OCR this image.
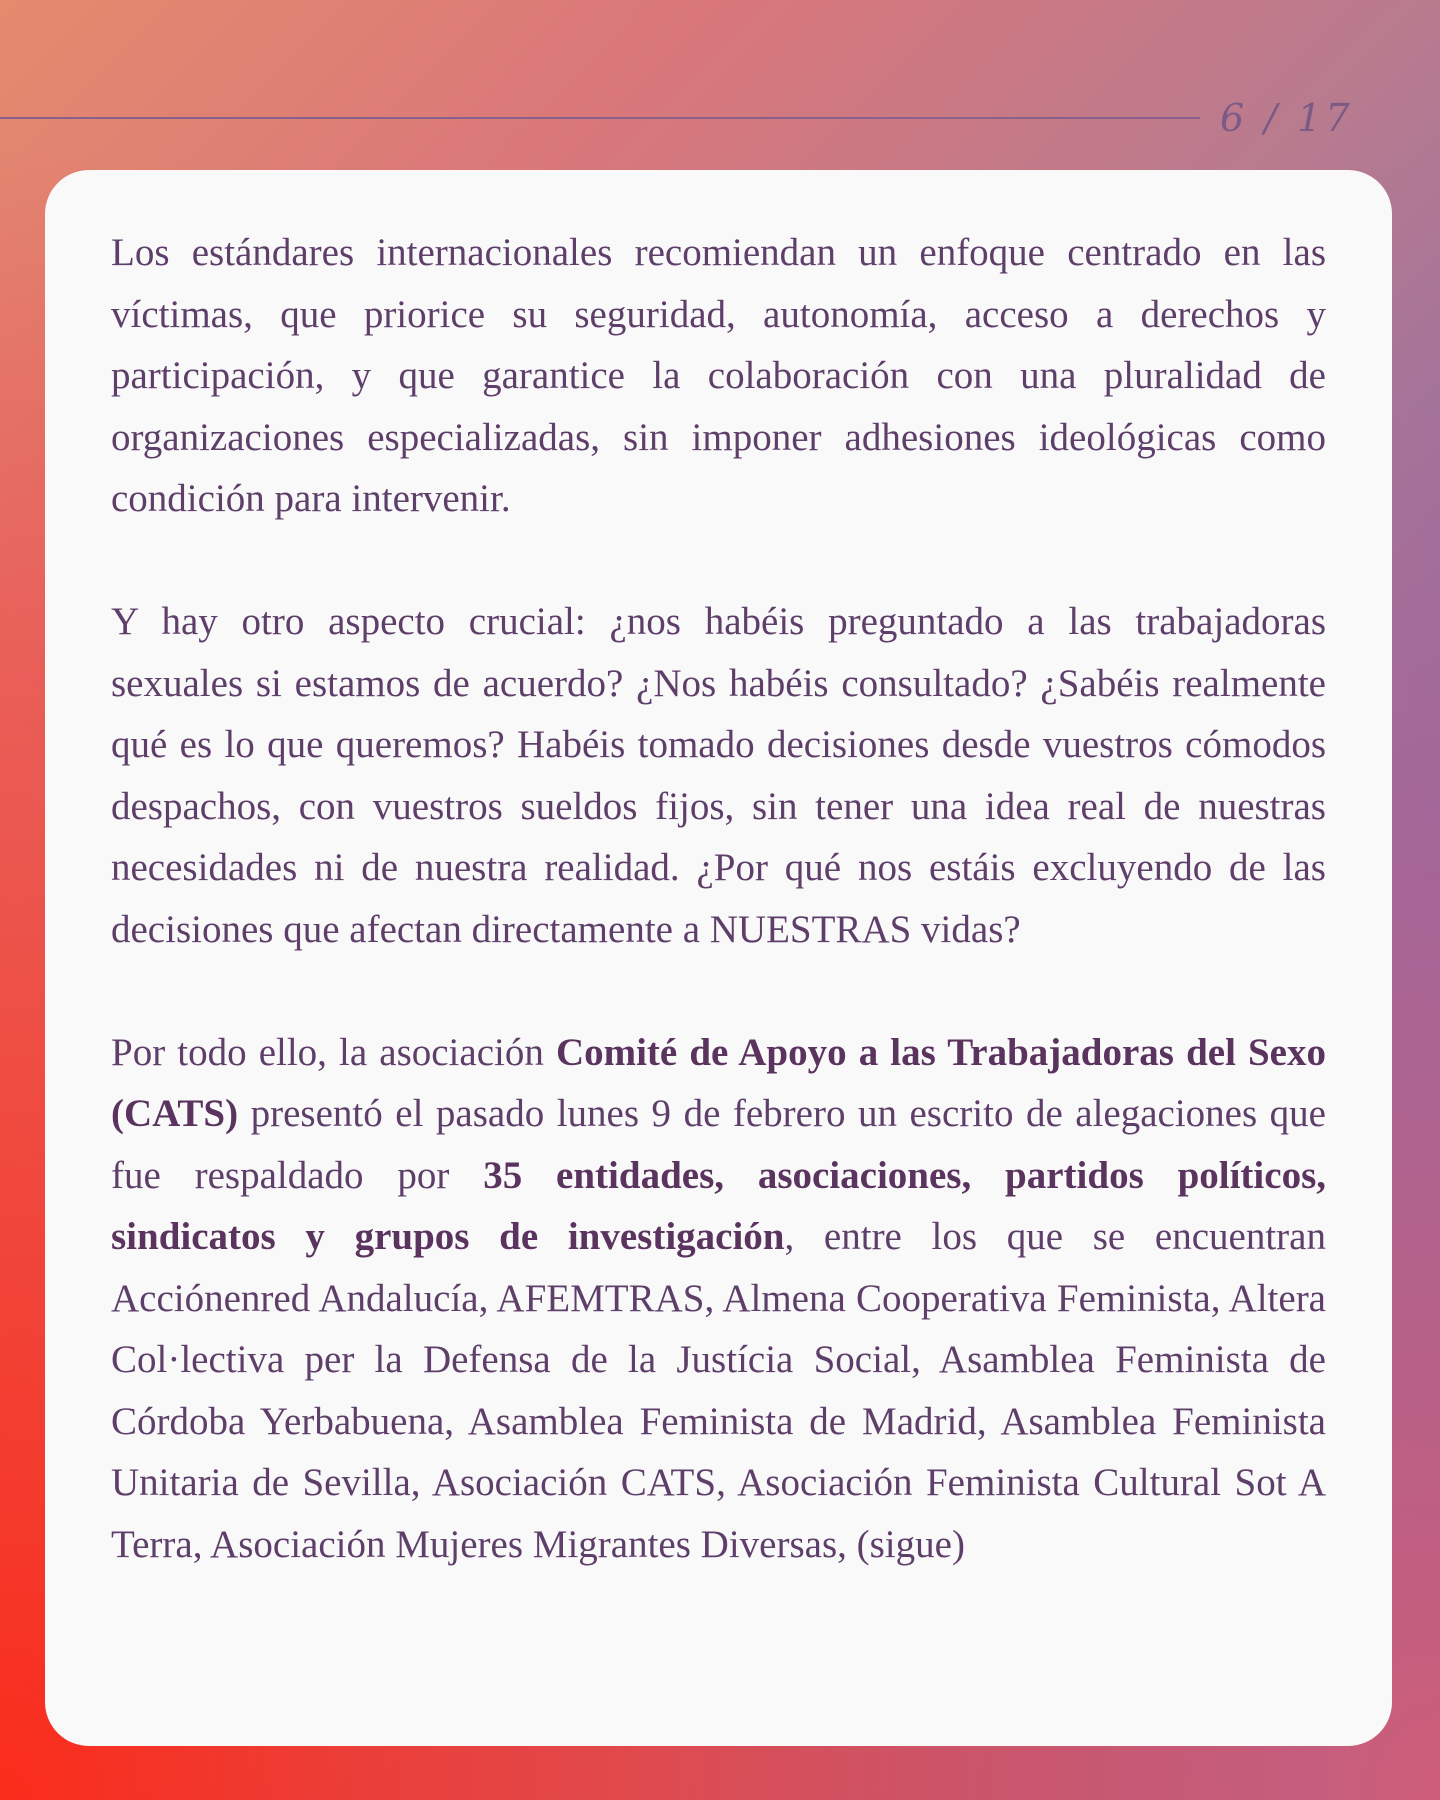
6 / 17

Los estándares internacionales recomiendan un enfoque centrado en las víctimas, que priorice su seguridad, autonomía, acceso a derechos y participación, y que garantice la colaboración con una pluralidad de organizaciones especializadas, sin imponer adhesiones ideológicas como condición para intervenir.

Y hay otro aspecto crucial: ¿nos habéis preguntado a las trabajadoras sexuales si estamos de acuerdo? ¿Nos habéis consultado? ¿Sabéis realmente qué es lo que queremos? Habéis tomado decisiones desde vuestros cómodos despachos, con vuestros sueldos fijos, sin tener una idea real de nuestras necesidades ni de nuestra realidad. ¿Por qué nos estáis excluyendo de las decisiones que afectan directamente a NUESTRAS vidas?

Por todo ello, la asociación Comité de Apoyo a las Trabajadoras del Sexo (CATS) presentó el pasado lunes 9 de febrero un escrito de alegaciones que fue respaldado por 35 entidades, asociaciones, partidos políticos, sindicatos y grupos de investigación, entre los que se encuentran Acciónenred Andalucía, AFEMTRAS, Almena Cooperativa Feminista, Altera Col·lectiva per la Defensa de la Justícia Social, Asamblea Feminista de Córdoba Yerbabuena, Asamblea Feminista de Madrid, Asamblea Feminista Unitaria de Sevilla, Asociación CATS, Asociación Feminista Cultural Sot A Terra, Asociación Mujeres Migrantes Diversas, (sigue)
